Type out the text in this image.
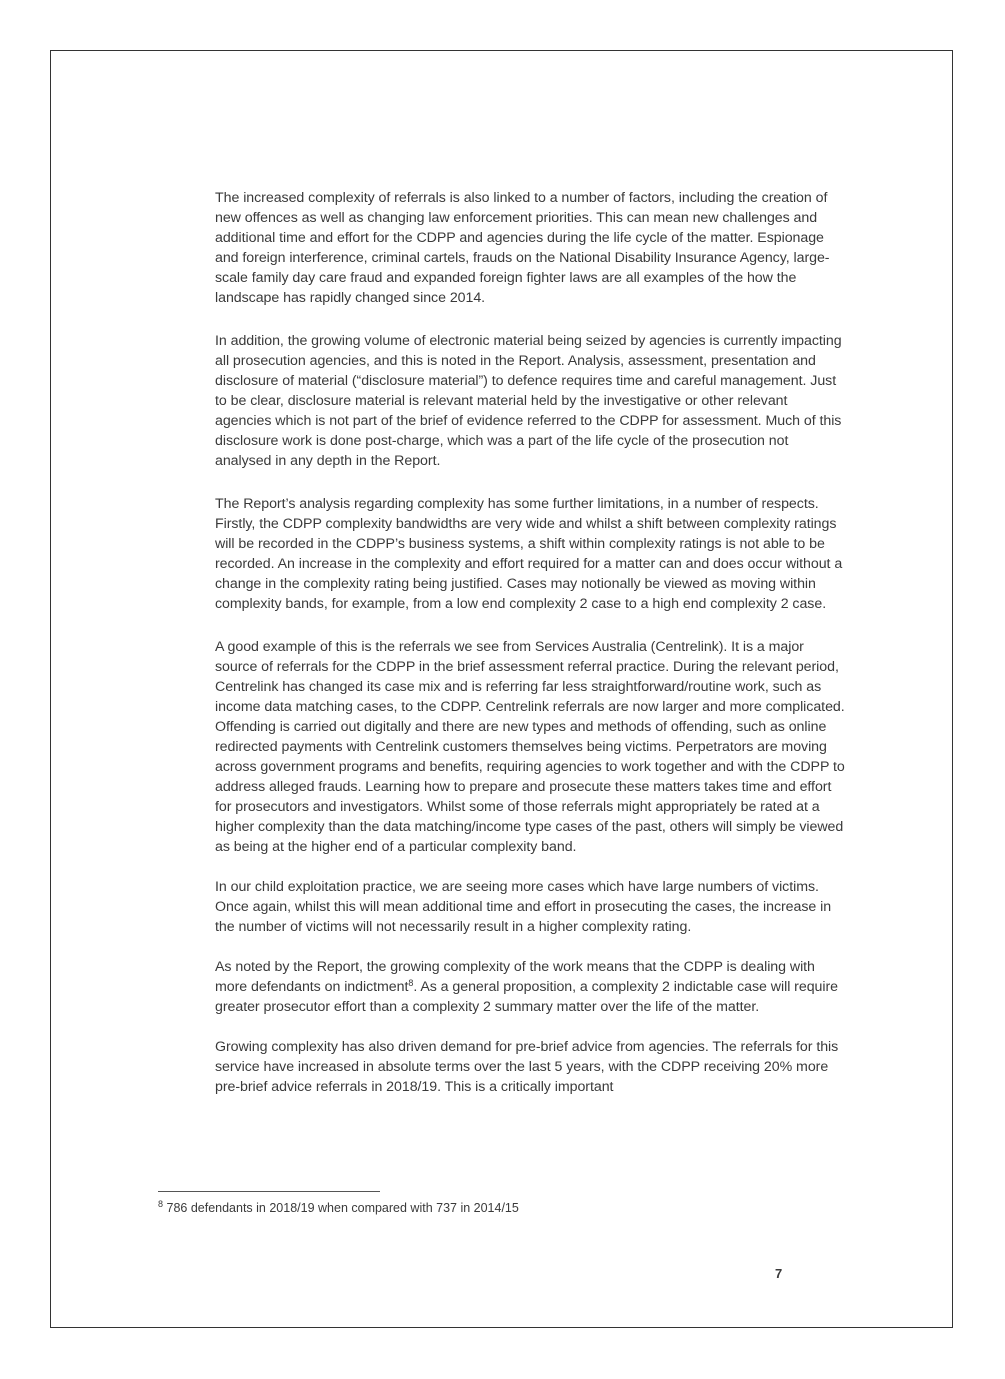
The increased complexity of referrals is also linked to a number of factors, including the creation of new offences as well as changing law enforcement priorities. This can mean new challenges and additional time and effort for the CDPP and agencies during the life cycle of the matter. Espionage and foreign interference, criminal cartels, frauds on the National Disability Insurance Agency, large-scale family day care fraud and expanded foreign fighter laws are all examples of the how the landscape has rapidly changed since 2014.

In addition, the growing volume of electronic material being seized by agencies is currently impacting all prosecution agencies, and this is noted in the Report. Analysis, assessment, presentation and disclosure of material (“disclosure material”) to defence requires time and careful management. Just to be clear, disclosure material is relevant material held by the investigative or other relevant agencies which is not part of the brief of evidence referred to the CDPP for assessment. Much of this disclosure work is done post-charge, which was a part of the life cycle of the prosecution not analysed in any depth in the Report.

The Report’s analysis regarding complexity has some further limitations, in a number of respects. Firstly, the CDPP complexity bandwidths are very wide and whilst a shift between complexity ratings will be recorded in the CDPP’s business systems, a shift within complexity ratings is not able to be recorded. An increase in the complexity and effort required for a matter can and does occur without a change in the complexity rating being justified. Cases may notionally be viewed as moving within complexity bands, for example, from a low end complexity 2 case to a high end complexity 2 case.

A good example of this is the referrals we see from Services Australia (Centrelink). It is a major source of referrals for the CDPP in the brief assessment referral practice. During the relevant period, Centrelink has changed its case mix and is referring far less straightforward/routine work, such as income data matching cases, to the CDPP. Centrelink referrals are now larger and more complicated. Offending is carried out digitally and there are new types and methods of offending, such as online redirected payments with Centrelink customers themselves being victims. Perpetrators are moving across government programs and benefits, requiring agencies to work together and with the CDPP to address alleged frauds. Learning how to prepare and prosecute these matters takes time and effort for prosecutors and investigators. Whilst some of those referrals might appropriately be rated at a higher complexity than the data matching/income type cases of the past, others will simply be viewed as being at the higher end of a particular complexity band.

In our child exploitation practice, we are seeing more cases which have large numbers of victims. Once again, whilst this will mean additional time and effort in prosecuting the cases, the increase in the number of victims will not necessarily result in a higher complexity rating.

As noted by the Report, the growing complexity of the work means that the CDPP is dealing with more defendants on indictment$^8$. As a general proposition, a complexity 2 indictable case will require greater prosecutor effort than a complexity 2 summary matter over the life of the matter.

Growing complexity has also driven demand for pre-brief advice from agencies. The referrals for this service have increased in absolute terms over the last 5 years, with the CDPP receiving 20% more pre-brief advice referrals in 2018/19. This is a critically important

$^8$ 786 defendants in 2018/19 when compared with 737 in 2014/15
7
